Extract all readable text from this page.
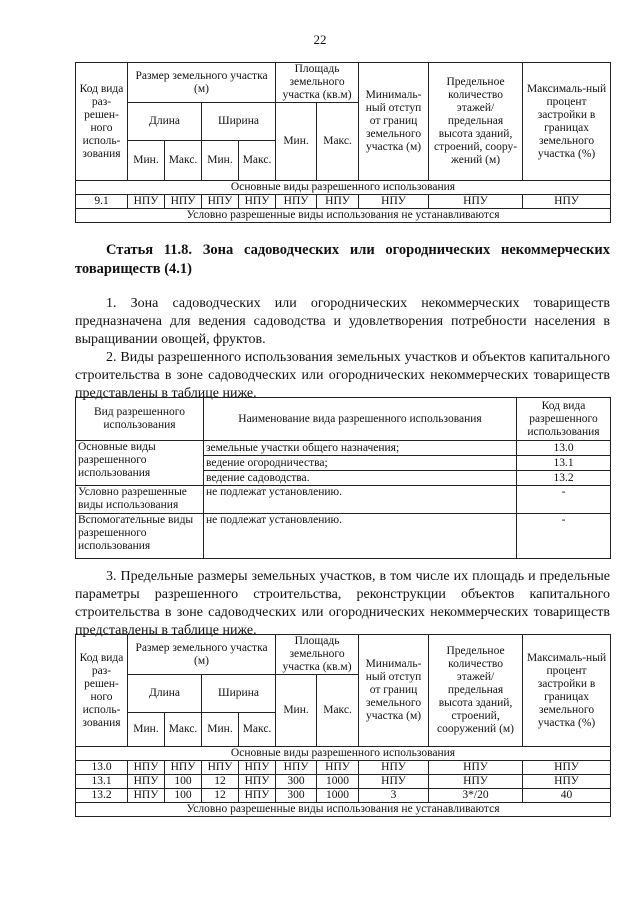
22
Код вида раз-решен-ного исполь-зования	Размер земельного участка (м)				Площадь земельного участка (кв.м)		Минималь-ный отступ от границ земельного участка (м)	Предельное количество этажей/ предельная высота зданий, строений, соору-жений (м)	Максималь-ный процент застройки в границах земельного участка (%)
	Длина		Ширина		Мин.	Макс.			
	Мин.	Макс.	Мин.	Макс.					
Основные виды разрешенного использования									
9.1	НПУ	НПУ	НПУ	НПУ	НПУ	НПУ	НПУ	НПУ	НПУ
Условно разрешенные виды использования не устанавливаются									
Статья 11.8. Зона садоводческих или огороднических некоммерческих товариществ (4.1)
1. Зона садоводческих или огороднических некоммерческих товариществ предназначена для ведения садоводства и удовлетворения потребности населения в выращивании овощей, фруктов.
2. Виды разрешенного использования земельных участков и объектов капитального строительства в зоне садоводческих или огороднических некоммерческих товариществ представлены в таблице ниже.
Вид разрешенного использования	Наименование вида разрешенного использования	Код вида разрешенного использования
Основные виды разрешенного использования	земельные участки общего назначения;	13.0
	ведение огородничества;	13.1
	ведение садоводства.	13.2
Условно разрешенные виды использования	не подлежат установлению.	-
Вспомогательные виды разрешенного использования	не подлежат установлению.	-
3. Предельные размеры земельных участков, в том числе их площадь и предельные параметры разрешенного строительства, реконструкции объектов капитального строительства в зоне садоводческих или огороднических некоммерческих товариществ представлены в таблице ниже.
Код вида раз-решен-ного исполь-зования	Размер земельного участка (м)				Площадь земельного участка (кв.м)		Минималь-ный отступ от границ земельного участка (м)	Предельное количество этажей/ предельная высота зданий, строений, сооружений (м)	Максималь-ный процент застройки в границах земельного участка (%)
	Длина		Ширина		Мин.	Макс.			
	Мин.	Макс.	Мин.	Макс.					
Основные виды разрешенного использования									
13.0	НПУ	НПУ	НПУ	НПУ	НПУ	НПУ	НПУ	НПУ	НПУ
13.1	НПУ	100	12	НПУ	300	1000	НПУ	НПУ	НПУ
13.2	НПУ	100	12	НПУ	300	1000	3	3*/20	40
Условно разрешенные виды использования не устанавливаются									
